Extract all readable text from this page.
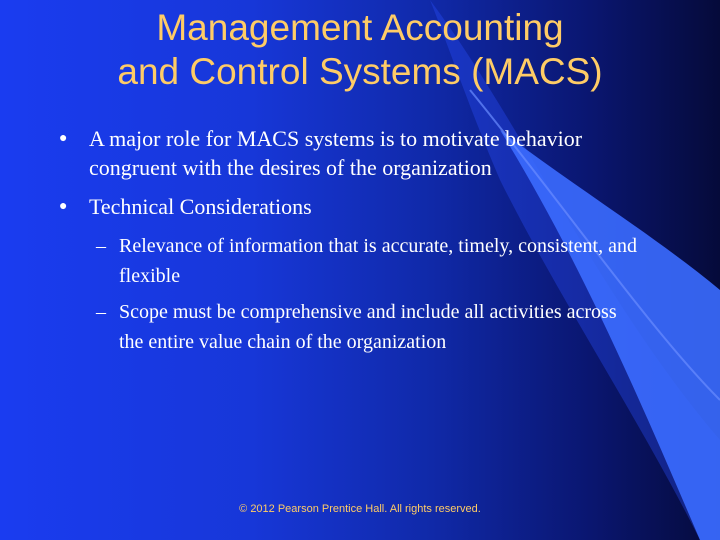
Management Accounting
and Control Systems (MACS)
● A major role for MACS systems is to motivate behavior congruent with the desires of the organization
● Technical Considerations
– Relevance of information that is accurate, timely, consistent, and flexible
– Scope must be comprehensive and include all activities across the entire value chain of the organization
© 2012 Pearson Prentice Hall. All rights reserved.
